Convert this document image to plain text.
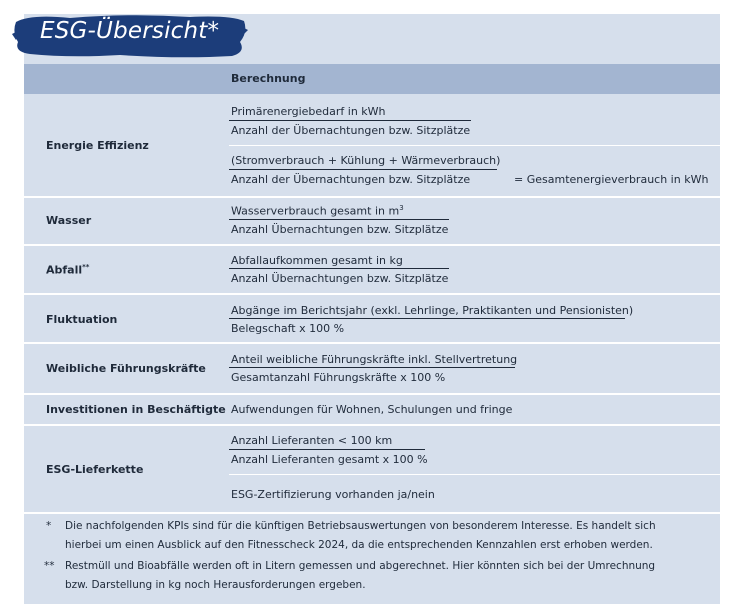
ESG-Übersicht*
Berechnung
Energie Effizienz
Primärenergiebedarf in kWh
Anzahl der Übernachtungen bzw. Sitzplätze
(Stromverbrauch + Kühlung + Wärmeverbrauch)
Anzahl der Übernachtungen bzw. Sitzplätze	= Gesamtenergieverbrauch in kWh
Wasser
Wasserverbrauch gesamt in $m^3$
Anzahl Übernachtungen bzw. Sitzplätze
Abfall**	Abfallaufkommen gesamt in kg
Anzahl Übernachtungen bzw. Sitzplätze
Fluktuation
Abgänge im Berichtsjahr (exkl. Lehrlinge, Praktikanten und Pensionisten)
Belegschaft x 100 %
Weibliche Führungskräfte
Anteil weibliche Führungskräfte inkl. Stellvertretung
Gesamtanzahl Führungskräfte x 100 %
Investitionen in Beschäftigte Aufwendungen für Wohnen, Schulungen und fringe
ESG-Lieferkette
Anzahl Lieferanten < 100 km
Anzahl Lieferanten gesamt x 100 %
ESG-Zertifizierung vorhanden ja/nein
* Die nachfolgenden KPIs sind für die künftigen Betriebsauswertungen von besonderem Interesse. Es handelt sich
hierbei um einen Ausblick auf den Fitnesscheck 2024, da die entsprechenden Kennzahlen erst erhoben werden.
** Restmüll und Bioabfälle werden oft in Litern gemessen und abgerechnet. Hier könnten sich bei der Umrechnung
bzw. Darstellung in kg noch Herausforderungen ergeben.
